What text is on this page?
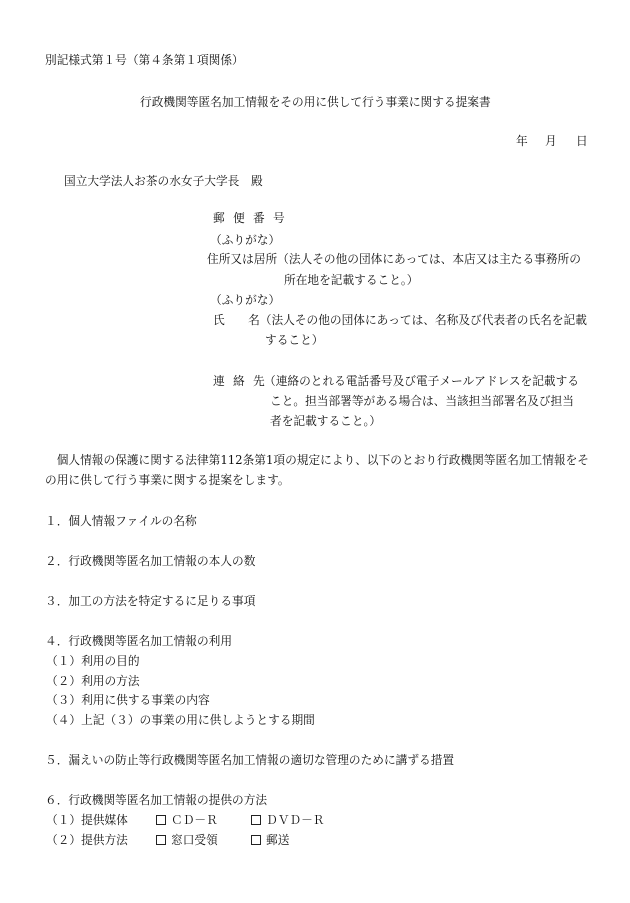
別記様式第１号（第４条第１項関係）
行政機関等匿名加工情報をその用に供して行う事業に関する提案書
年 月 日
国立大学法人お茶の水女子大学長　殿
郵便番号
（ふりがな）
住所又は居所（法人その他の団体にあっては、本店又は主たる事務所の
所在地を記載すること。）
（ふりがな）
氏　　名（法人その他の団体にあっては、名称及び代表者の氏名を記載
すること）
連絡先
（連絡のとれる電話番号及び電子メールアドレスを記載する
こと。担当部署等がある場合は、当該担当部署名及び担当
者を記載すること。）
　個人情報の保護に関する法律第112条第1項の規定により、以下のとおり行政機関等匿名加工情報をそ
の用に供して行う事業に関する提案をします。
１．個人情報ファイルの名称
２．行政機関等匿名加工情報の本人の数
３．加工の方法を特定するに足りる事項
４．行政機関等匿名加工情報の利用
（１）利用の目的
（２）利用の方法
（３）利用に供する事業の内容
（４）上記（３）の事業の用に供しようとする期間
５．漏えいの防止等行政機関等匿名加工情報の適切な管理のために講ずる措置
６．行政機関等匿名加工情報の提供の方法
（１）提供媒体	ＣＤ－Ｒ	ＤＶＤ－Ｒ
（２）提供方法	窓口受領	郵送
